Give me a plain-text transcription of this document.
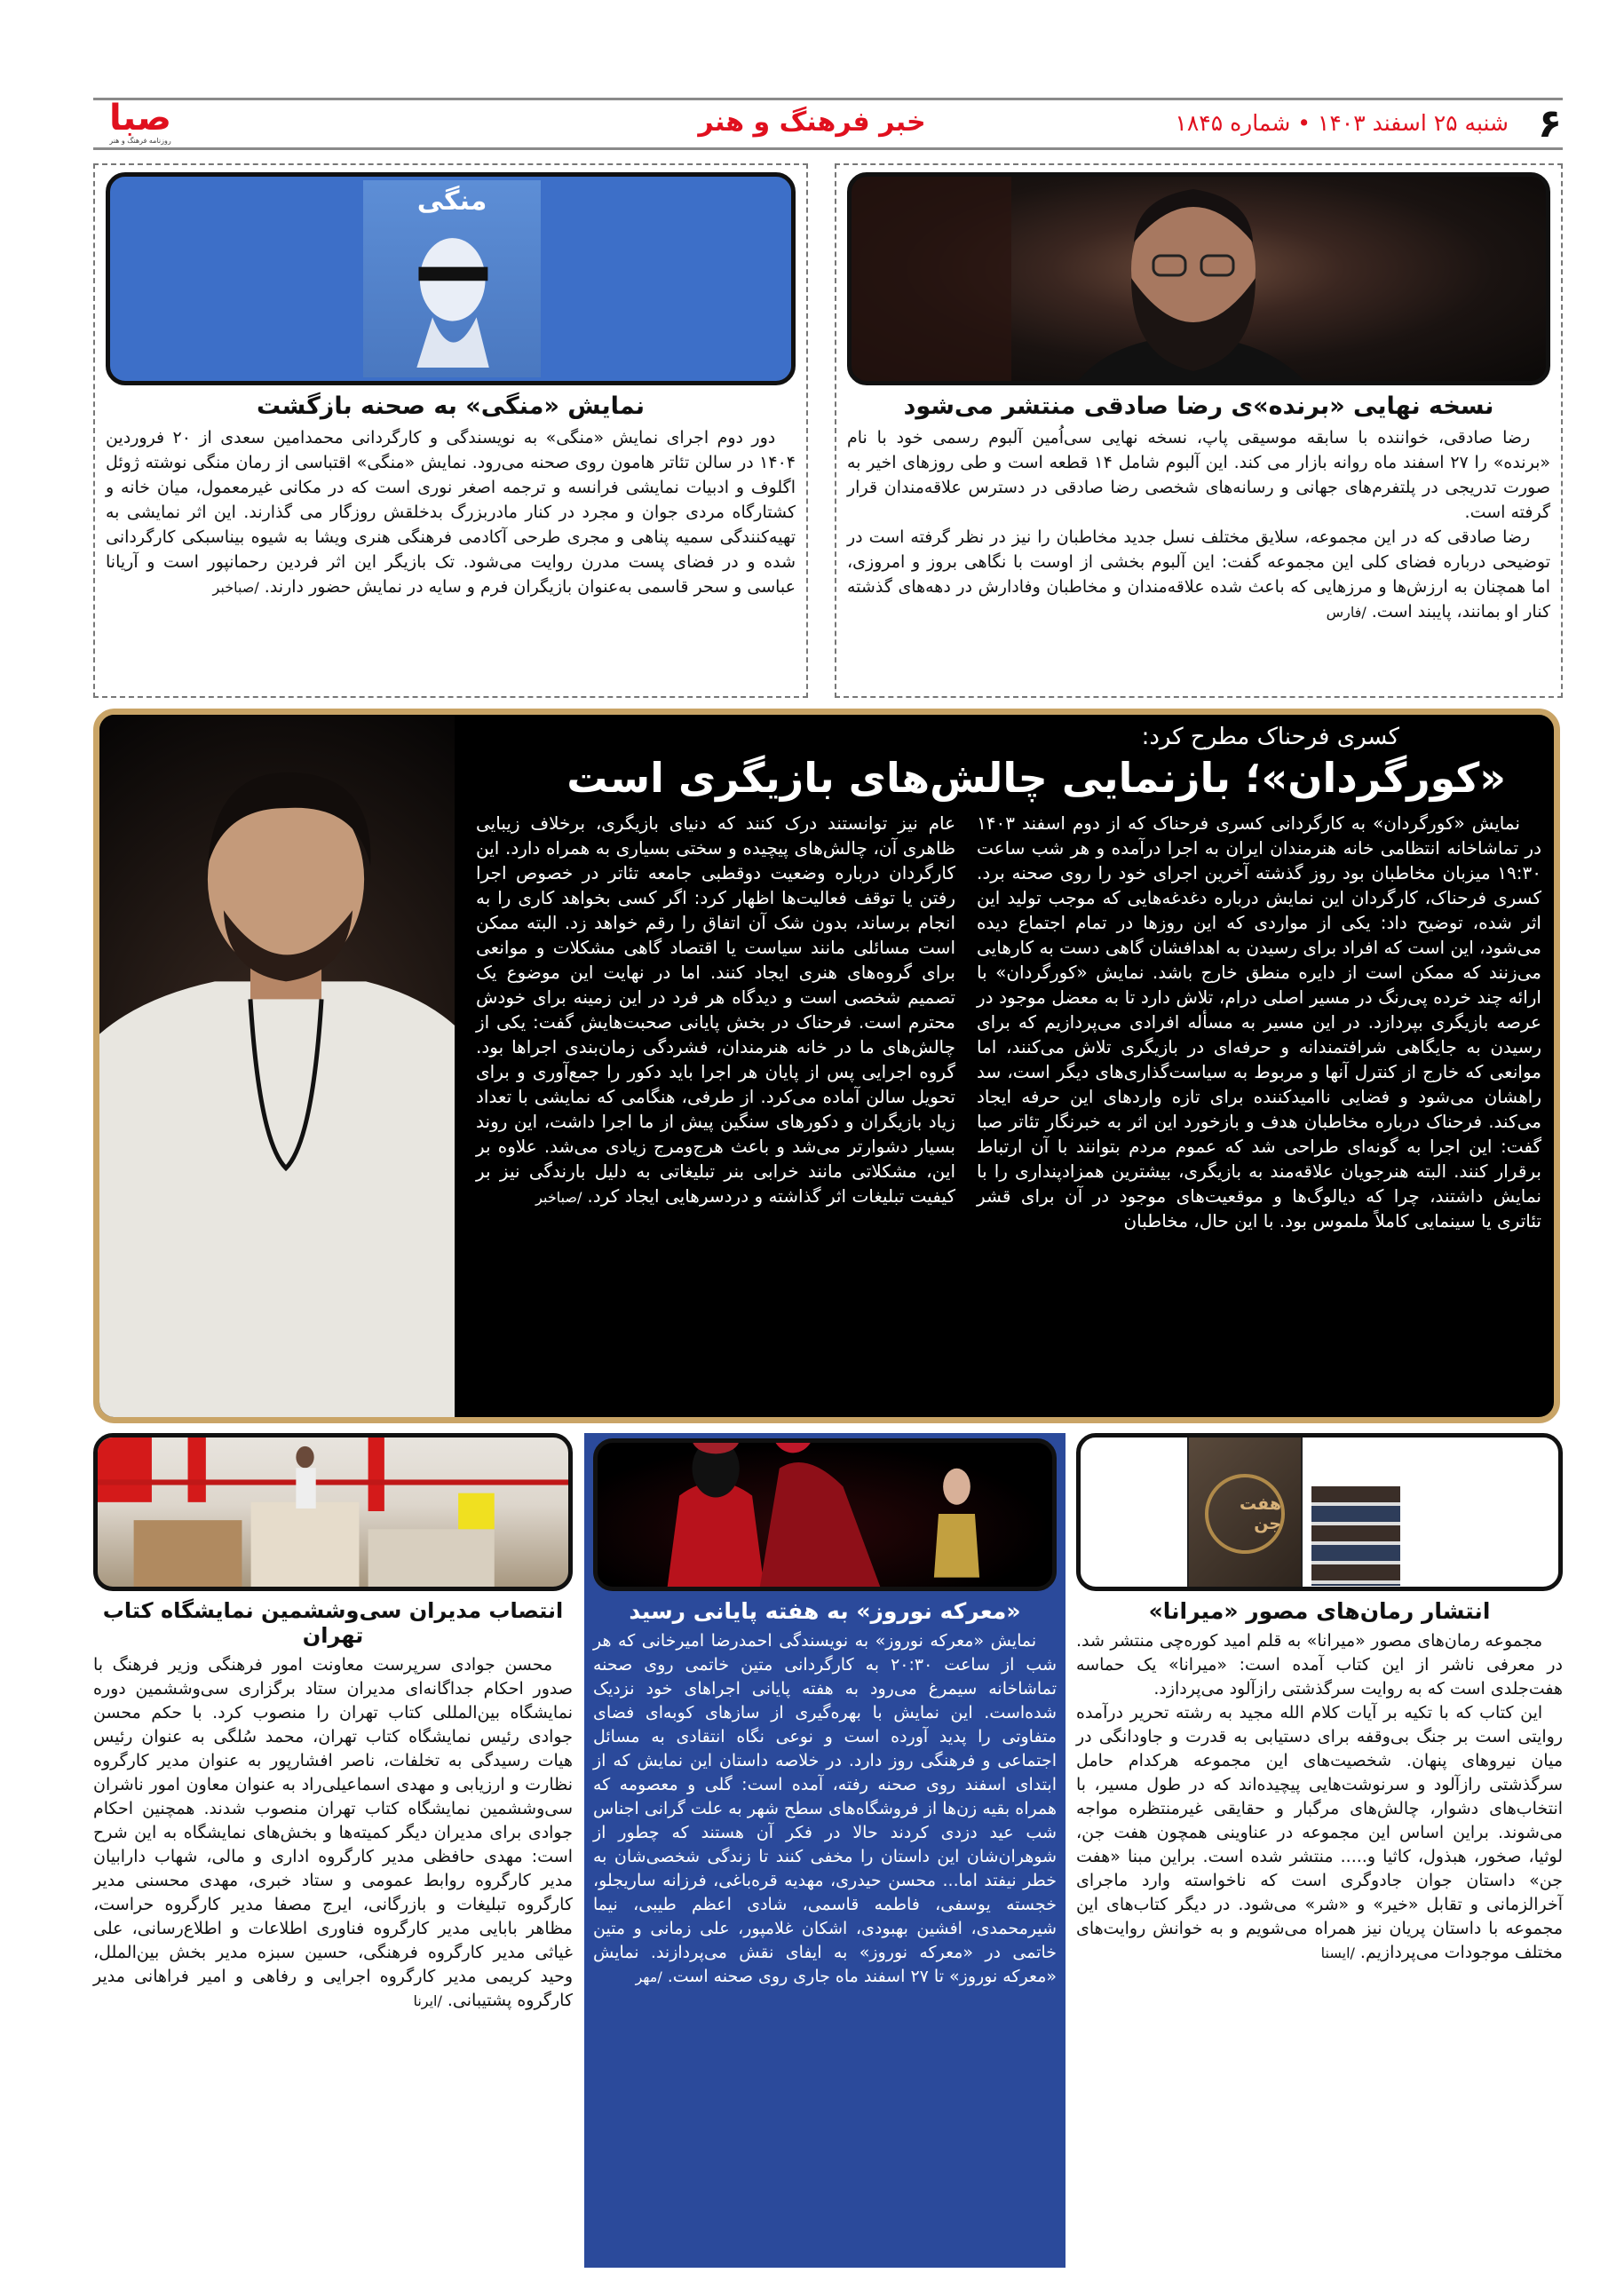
۶
شنبه ۲۵ اسفند ۱۴۰۳ • شماره ۱۸۴۵
خبر فرهنگ و هنر
صبا
روزنامه فرهنگ و هنر
نسخه نهایی «برنده»ی رضا صادقی منتشر می‌شود

رضا صادقی، خواننده با سابقه موسیقی پاپ، نسخه نهایی سی‌اُمین آلبوم رسمی خود با نام «برنده» را ۲۷ اسفند ماه روانه بازار می کند. این آلبوم شامل ۱۴ قطعه است و طی روزهای اخیر به صورت تدریجی در پلتفرم‌های جهانی و رسانه‌های شخصی رضا صادقی در دسترس علاقه‌مندان قرار گرفته است.

رضا صادقی که در این مجموعه، سلایق مختلف نسل جدید مخاطبان را نیز در نظر گرفته است در توضیحی درباره فضای کلی این مجموعه گفت: این آلبوم بخشی از اوست با نگاهی بروز و امروزی، اما همچنان به ارزش‌ها و مرزهایی که باعث شده علاقه‌مندان و مخاطبان وفادارش در دهه‌های گذشته کنار او بمانند، پایبند است./فارس

منگی
نمایش «منگی» به صحنه بازگشت

دور دوم اجرای نمایش «منگی» به نویسندگی و کارگردانی محمدامین سعدی از ۲۰ فروردین ۱۴۰۴ در سالن تئاتر هامون روی صحنه می‌رود. نمایش «منگی» اقتباسی از رمان منگی نوشته ژوئل اگلوف و ادبیات نمایشی فرانسه و ترجمه اصغر نوری است که در مکانی غیرمعمول، میان خانه و کشتارگاه مردی جوان و مجرد در کنار مادربزرگ بدخلقش روزگار می گذارند. این اثر نمایشی به تهیه‌کنندگی سمیه پناهی و مجری طرحی آکادمی فرهنگی هنری ویشا به شیوه بیناسبکی کارگردانی شده و در فضای پست مدرن روایت می‌شود. تک بازیگر این اثر فردین رحمانپور است و آریانا عباسی و سحر قاسمی به‌عنوان بازیگران فرم و سایه در نمایش حضور دارند./صباخبر

کسری فرحناک مطرح کرد:
«کورگردان»؛ بازنمایی چالش‌های بازیگری است

نمایش «کورگردان» به کارگردانی کسری فرحناک که از دوم اسفند ۱۴۰۳ در تماشاخانه انتظامی خانه هنرمندان ایران به اجرا درآمده و هر شب ساعت ۱۹:۳۰ میزبان مخاطبان بود روز گذشته آخرین اجرای خود را روی صحنه برد. کسری فرحناک، کارگردان این نمایش درباره دغدغه‌هایی که موجب تولید این اثر شده، توضیح داد: یکی از مواردی که این روزها در تمام اجتماع دیده می‌شود، این است که افراد برای رسیدن به اهدافشان گاهی دست به کارهایی می‌زنند که ممکن است از دایره منطق خارج باشد. نمایش «کورگردان» با ارائه چند خرده پی‌رنگ در مسیر اصلی درام، تلاش دارد تا به معضل موجود در عرصه بازیگری بپردازد. در این مسیر به مسأله افرادی می‌پردازیم که برای رسیدن به جایگاهی شرافتمندانه و حرفه‌ای در بازیگری تلاش می‌کنند، اما موانعی که خارج از کنترل آنها و مربوط به سیاست‌گذاری‌های دیگر است، سد راهشان می‌شود و فضایی ناامیدکننده برای تازه واردهای این حرفه ایجاد می‌کند. فرحناک درباره مخاطبان هدف و بازخورد این اثر به خبرنگار تئاتر صبا گفت: این اجرا به گونه‌ای طراحی شد که عموم مردم بتوانند با آن ارتباط برقرار کنند. البته هنرجویان علاقه‌مند به بازیگری، بیشترین همزادپنداری را با نمایش داشتند، چرا که دیالوگ‌ها و موقعیت‌های موجود در آن برای قشر تئاتری یا سینمایی کاملاً ملموس بود. با این حال، مخاطبان

عام نیز توانستند درک کنند که دنیای بازیگری، برخلاف زیبایی ظاهری آن، چالش‌های پیچیده و سختی بسیاری به همراه دارد. این کارگردان درباره وضعیت دوقطبی جامعه تئاتر در خصوص اجرا رفتن یا توقف فعالیت‌ها اظهار کرد: اگر کسی بخواهد کاری را به انجام برساند، بدون شک آن اتفاق را رقم خواهد زد. البته ممکن است مسائلی مانند سیاست یا اقتصاد گاهی مشکلات و موانعی برای گروه‌های هنری ایجاد کنند. اما در نهایت این موضوع یک تصمیم شخصی است و دیدگاه هر فرد در این زمینه برای خودش محترم است. فرحناک در بخش پایانی صحبت‌هایش گفت: یکی از چالش‌های ما در خانه هنرمندان، فشردگی زمان‌بندی اجراها بود. گروه اجرایی پس از پایان هر اجرا باید دکور را جمع‌آوری و برای تحویل سالن آماده می‌کرد. از طرفی، هنگامی که نمایشی با تعداد زیاد بازیگران و دکورهای سنگین پیش از ما اجرا داشت، این روند بسیار دشوارتر می‌شد و باعث هرج‌ومرج زیادی می‌شد. علاوه بر این، مشکلاتی مانند خرابی بنر تبلیغاتی به دلیل بارندگی نیز بر کیفیت تبلیغات اثر گذاشته و دردسرهایی ایجاد کرد./صباخبر

هفت جن
انتشار رمان‌های مصور «میرانا»

مجموعه رمان‌های مصور «میرانا» به قلم امید کوره‌چی منتشر شد. در معرفی ناشر از این کتاب آمده است: «میرانا» یک حماسه هفت‌جلدی است که به روایت سرگذشتی رازآلود می‌پردازد.

این کتاب که با تکیه بر آیات کلام الله مجید به رشته تحریر درآمده روایتی است بر جنگ بی‌وقفه برای دستیابی به قدرت و جاودانگی در میان نیروهای پنهان. شخصیت‌های این مجموعه هرکدام حامل سرگذشتی رازآلود و سرنوشت‌هایی پیچیده‌اند که در طول مسیر، با انتخاب‌های دشوار، چالش‌های مرگبار و حقایقی غیرمنتظره مواجه می‌شوند. براین اساس این مجموعه در عناوینی همچون هفت جن، لوثیا، صخور، هبذول، کاثیا و..... منتشر شده است. براین مبنا «هفت جن» داستان جوان جادوگری است که ناخواسته وارد ماجرای آخرالزمانی و تقابل «خیر» و «شر» می‌شود. در دیگر کتاب‌های این مجموعه با داستان پریان نیز همراه می‌شویم و به خوانش روایت‌های مختلف موجودات می‌پردازیم./ایسنا

«معرکه نوروز» به هفته پایانی رسید

نمایش «معرکه نوروز» به نویسندگی احمدرضا امیرخانی که هر شب از ساعت ۲۰:۳۰ به کارگردانی متین خاتمی روی صحنه تماشاخانه سیمرغ می‌رود به هفته پایانی اجراهای خود نزدیک شده‌است. این نمایش با بهره‌گیری از سازهای کوبه‌ای فضای متفاوتی را پدید آورده است و نوعی نگاه انتقادی به مسائل اجتماعی و فرهنگی روز دارد. در خلاصه داستان این نمایش که از ابتدای اسفند روی صحنه رفته، آمده است: گلی و معصومه که همراه بقیه زن‌ها از فروشگاه‌های سطح شهر به علت گرانی اجناس شب عید دزدی کردند حالا در فکر آن هستند که چطور از شوهران‌شان این داستان را مخفی کنند تا زندگی شخصی‌شان به خطر نیفتد اما... محسن حیدری، مهدیه قره‌باغی، فرزانه ساریجلو، خجسته یوسفی، فاطمه قاسمی، شادی اعظم طیبی، نیما شیرمحمدی، افشین بهبودی، اشکان غلامپور، علی زمانی و متین خاتمی در «معرکه نوروز» به ایفای نقش می‌پردازند. نمایش «معرکه نوروز» تا ۲۷ اسفند ماه جاری روی صحنه است./مهر

انتصاب مدیران سی‌وششمین نمایشگاه کتاب تهران

محسن جوادی سرپرست معاونت امور فرهنگی وزیر فرهنگ با صدور احکام جداگانه‌ای مدیران ستاد برگزاری سی‌وششمین دوره نمایشگاه بین‌المللی کتاب تهران را منصوب کرد. با حکم محسن جوادی رئیس نمایشگاه کتاب تهران، محمد سُلگی به عنوان رئیس هیات رسیدگی به تخلفات، ناصر افشارپور به عنوان مدیر کارگروه نظارت و ارزیابی و مهدی اسماعیلی‌راد به عنوان معاون امور ناشران سی‌وششمین نمایشگاه کتاب تهران منصوب شدند. همچنین احکام جوادی برای مدیران دیگر کمیته‌ها و بخش‌های نمایشگاه به این شرح است: مهدی حافظی مدیر کارگروه اداری و مالی، شهاب دارابیان مدیر کارگروه روابط عمومی و ستاد خبری، مهدی محسنی مدیر کارگروه تبلیغات و بازرگانی، ایرج مصفا مدیر کارگروه حراست، مظاهر بابایی مدیر کارگروه فناوری اطلاعات و اطلاع‌رسانی، علی غیاثی مدیر کارگروه فرهنگی، حسین سبزه مدیر بخش بین‌الملل، وحید کریمی مدیر کارگروه اجرایی و رفاهی و امیر فراهانی مدیر کارگروه پشتیبانی./ایرنا
